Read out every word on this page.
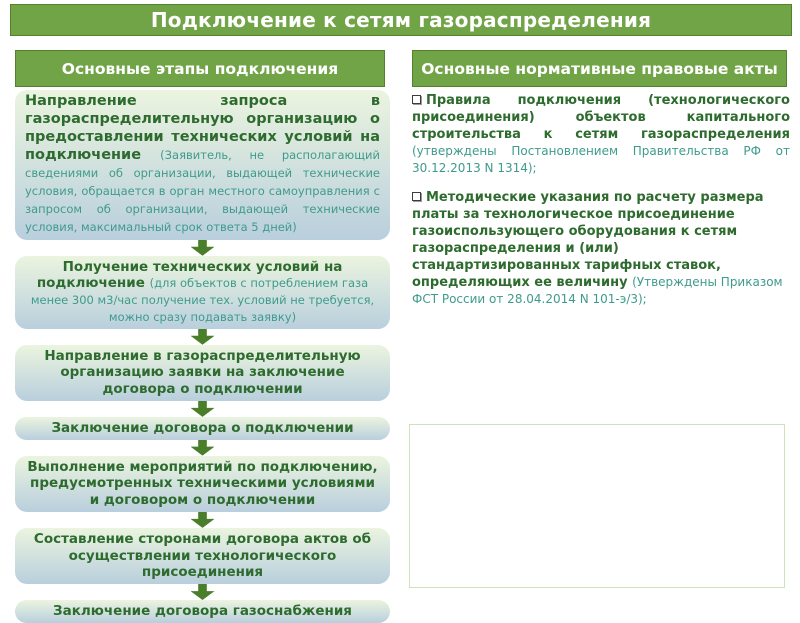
Подключение к сетям газораспределения
Основные этапы подключения	Основные нормативные правовые акты
Направление запроса в газораспределительную организацию о предоставлении технических условий на подключение (Заявитель, не располагающий сведениями об организации, выдающей технические условия, обращается в орган местного самоуправления с запросом об организации, выдающей технические условия, максимальный срок ответа 5 дней)
Получение технических условий на подключение (для объектов с потреблением газа менее 300 м3/час получение тех. условий не требуется, можно сразу подавать заявку)
Направление в газораспределительную организацию заявки на заключение договора о подключении
Заключение договора о подключении
Выполнение мероприятий по подключению, предусмотренных техническими условиями и договором о подключении
Составление сторонами договора актов об осуществлении технологического присоединения
Заключение договора газоснабжения

Правила подключения (технологического присоединения) объектов капитального строительства к сетям газораспределения (утверждены Постановлением Правительства РФ от 30.12.2013 N 1314);

Методические указания по расчету размера платы за технологическое присоединение газоиспользующего оборудования к сетям газораспределения и (или) стандартизированных тарифных ставок, определяющих ее величину (Утверждены Приказом ФСТ России от 28.04.2014 N 101-э/3);
